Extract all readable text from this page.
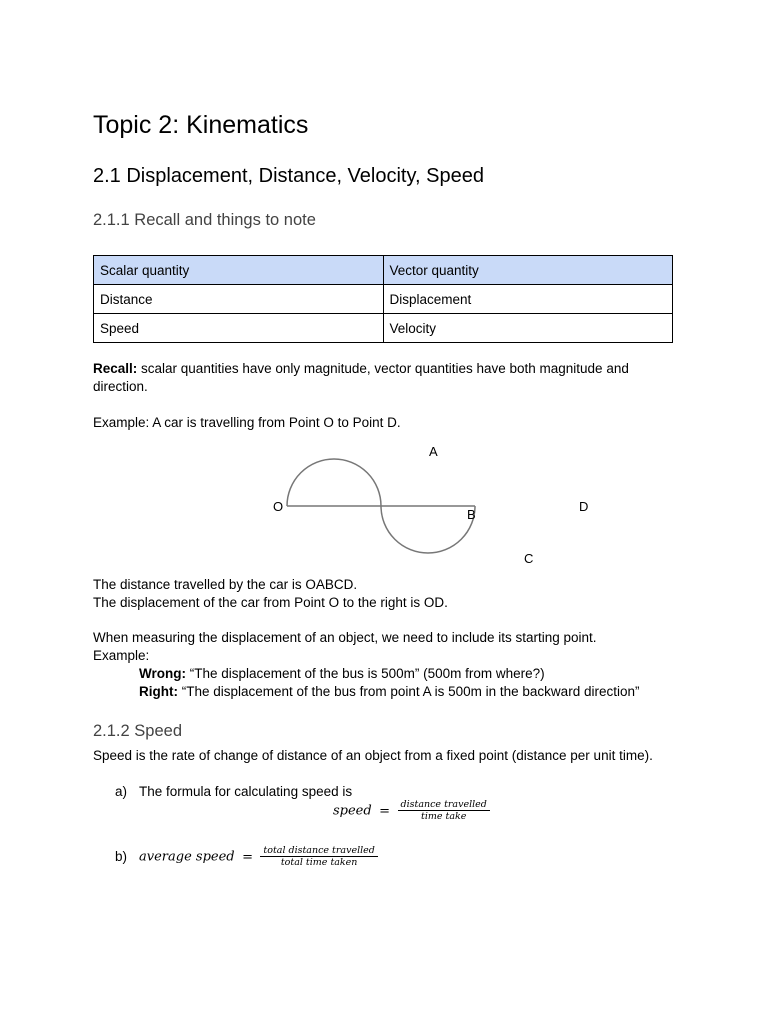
Topic 2: Kinematics
2.1 Displacement, Distance, Velocity, Speed
2.1.1 Recall and things to note
Scalar quantity	Vector quantity
Distance	Displacement
Speed	Velocity

Recall: scalar quantities have only magnitude, vector quantities have both magnitude and direction.

Example: A car is travelling from Point O to Point D.

O
A
B
C
D

The distance travelled by the car is OABCD.

The displacement of the car from Point O to the right is OD.

When measuring the displacement of an object, we need to include its starting point.

Example:

Wrong: “The displacement of the bus is 500m” (500m from where?)

Right: “The displacement of the bus from point A is 500m in the backward direction”

2.1.2 Speed

Speed is the rate of change of distance of an object from a fixed point (distance per unit time).

a) The formula for calculating speed is

speed = $\frac{\text{distance travelled}}{\text{time take}}$
b) average speed = $\frac{\text{total distance travelled}}{\text{total time taken}}$
